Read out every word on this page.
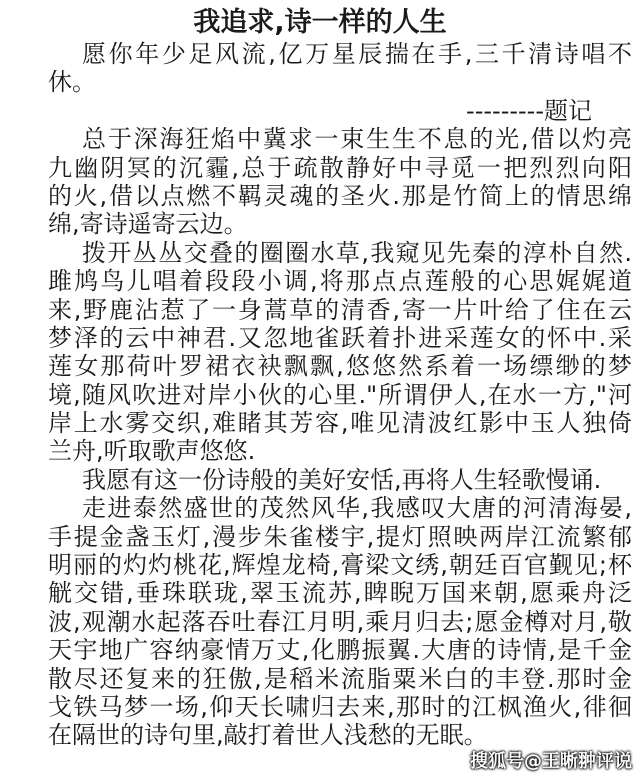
我追求,诗一样的人生
愿你年少足风流,亿万星辰揣在手,三千清诗唱不
休。
---------题记
总于深海狂焰中冀求一束生生不息的光,借以灼亮
九幽阴冥的沉霾,总于疏散静好中寻觅一把烈烈向阳
的火,借以点燃不羁灵魂的圣火.那是竹简上的情思绵
绵,寄诗遥寄云边。
拨开丛丛交叠的圈圈水草,我窥见先秦的淳朴自然.
雎鸠鸟儿唱着段段小调,将那点点莲般的心思娓娓道
来,野鹿沾惹了一身蒿草的清香,寄一片叶给了住在云
梦泽的云中神君.又忽地雀跃着扑进采莲女的怀中.采
莲女那荷叶罗裙衣袂飘飘,悠悠然系着一场缥缈的梦
境,随风吹进对岸小伙的心里."所谓伊人,在水一方,"河
岸上水雾交织,难睹其芳容,唯见清波红影中玉人独倚
兰舟,听取歌声悠悠.
我愿有这一份诗般的美好安恬,再将人生轻歌慢诵.
走进泰然盛世的茂然风华,我感叹大唐的河清海晏,
手提金盏玉灯,漫步朱雀楼宇,提灯照映两岸江流繁郁
明丽的灼灼桃花,辉煌龙椅,膏梁文绣,朝廷百官觐见;杯
觥交错,垂珠联珑,翠玉流苏,睥睨万国来朝,愿乘舟泛
波,观潮水起落吞吐春江月明,乘月归去;愿金樽对月,敬
天宇地广容纳豪情万丈,化鹏振翼.大唐的诗情,是千金
散尽还复来的狂傲,是稻米流脂粟米白的丰登.那时金
戈铁马梦一场,仰天长啸归去来,那时的江枫渔火,徘徊
在隔世的诗句里,敲打着世人浅愁的无眠。
搜狐号@王晰翀评说
